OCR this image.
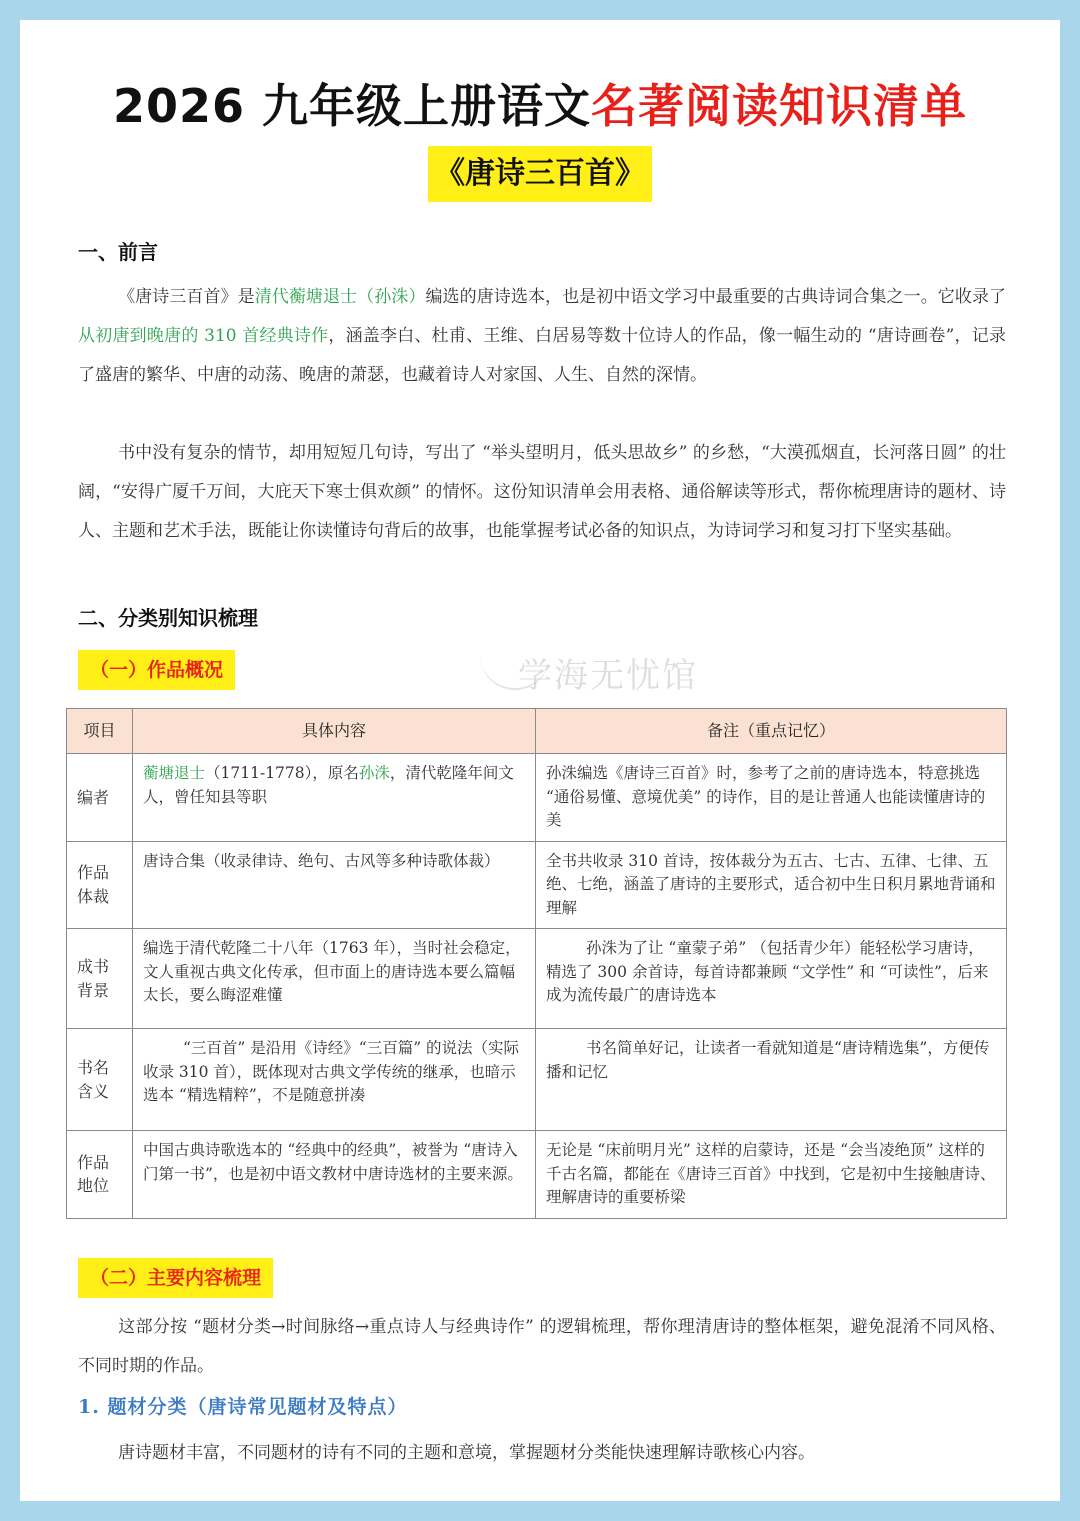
2026 九年级上册语文名著阅读知识清单
《唐诗三百首》
一、前言

《唐诗三百首》是清代蘅塘退士（孙洙）编选的唐诗选本，也是初中语文学习中最重要的古典诗词合集之一。它收录了从初唐到晚唐的 310 首经典诗作，涵盖李白、杜甫、王维、白居易等数十位诗人的作品，像一幅生动的 “唐诗画卷”，记录了盛唐的繁华、中唐的动荡、晚唐的萧瑟，也藏着诗人对家国、人生、自然的深情。

书中没有复杂的情节，却用短短几句诗，写出了 “举头望明月，低头思故乡” 的乡愁，“大漠孤烟直，长河落日圆” 的壮阔，“安得广厦千万间，大庇天下寒士俱欢颜” 的情怀。这份知识清单会用表格、通俗解读等形式，帮你梳理唐诗的题材、诗人、主题和艺术手法，既能让你读懂诗句背后的故事，也能掌握考试必备的知识点，为诗词学习和复习打下坚实基础。

二、分类别知识梳理
学海无忧馆
（一）作品概况
项目	具体内容	备注（重点记忆）
编者	蘅塘退士（1711-1778），原名孙洙，清代乾隆年间文人，曾任知县等职	孙洙编选《唐诗三百首》时，参考了之前的唐诗选本，特意挑选 “通俗易懂、意境优美” 的诗作，目的是让普通人也能读懂唐诗的美
作品体裁	唐诗合集（收录律诗、绝句、古风等多种诗歌体裁）	全书共收录 310 首诗，按体裁分为五古、七古、五律、七律、五绝、七绝，涵盖了唐诗的主要形式，适合初中生日积月累地背诵和理解
成书背景	编选于清代乾隆二十八年（1763 年），当时社会稳定，文人重视古典文化传承，但市面上的唐诗选本要么篇幅太长，要么晦涩难懂	孙洙为了让 “童蒙子弟” （包括青少年）能轻松学习唐诗，精选了 300 余首诗，每首诗都兼顾 “文学性” 和 “可读性”，后来成为流传最广的唐诗选本
书名含义	“三百首” 是沿用《诗经》“三百篇” 的说法（实际收录 310 首），既体现对古典文学传统的继承，也暗示选本 “精选精粹”，不是随意拼凑	书名简单好记，让读者一看就知道是“唐诗精选集”，方便传播和记忆
作品地位	中国古典诗歌选本的 “经典中的经典”，被誉为 “唐诗入门第一书”，也是初中语文教材中唐诗选材的主要来源。	无论是 “床前明月光” 这样的启蒙诗，还是 “会当凌绝顶” 这样的千古名篇，都能在《唐诗三百首》中找到，它是初中生接触唐诗、理解唐诗的重要桥梁
（二）主要内容梳理

这部分按 “题材分类→时间脉络→重点诗人与经典诗作” 的逻辑梳理，帮你理清唐诗的整体框架，避免混淆不同风格、不同时期的作品。

1. 题材分类（唐诗常见题材及特点）

唐诗题材丰富，不同题材的诗有不同的主题和意境，掌握题材分类能快速理解诗歌核心内容。
